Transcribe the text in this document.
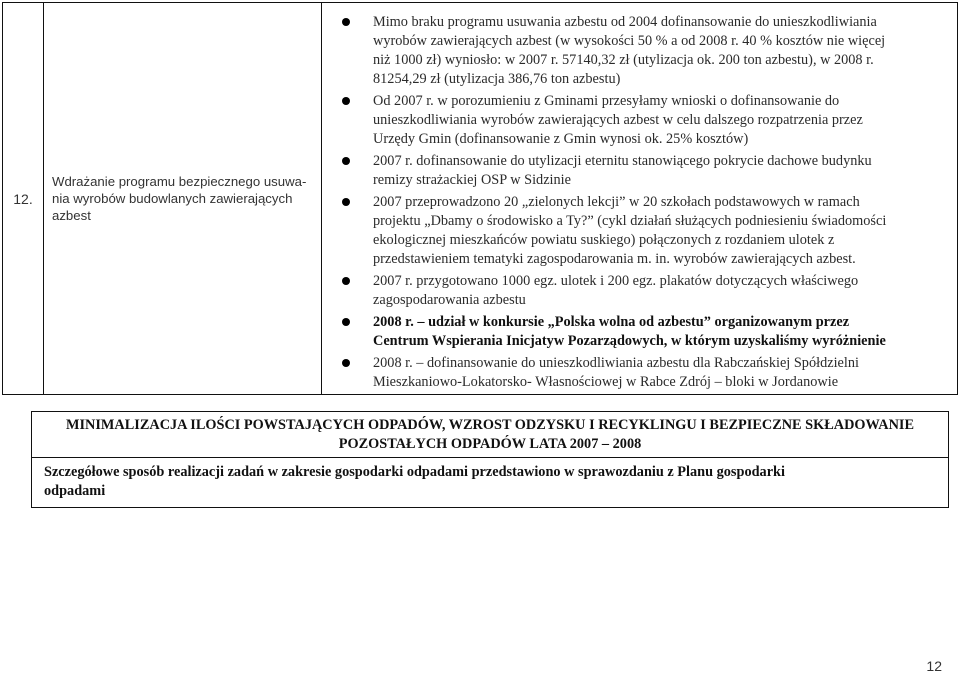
12.
Wdrażanie programu bezpiecznego usuwa-
nia wyrobów budowlanych zawierających
azbest
Mimo braku programu usuwania azbestu od 2004 dofinansowanie do unieszkodliwiania
wyrobów zawierających azbest (w wysokości 50 % a od 2008 r. 40 % kosztów nie więcej
niż 1000 zł) wyniosło: w 2007 r. 57140,32 zł (utylizacja ok. 200 ton azbestu), w 2008 r.
81254,29 zł (utylizacja 386,76 ton azbestu)
Od 2007 r. w porozumieniu z Gminami przesyłamy wnioski o dofinansowanie do
unieszkodliwiania wyrobów zawierających azbest w celu dalszego rozpatrzenia przez
Urzędy Gmin (dofinansowanie z Gmin wynosi ok. 25% kosztów)
2007 r. dofinansowanie do utylizacji eternitu stanowiącego pokrycie dachowe budynku
remizy strażackiej OSP w Sidzinie
2007 przeprowadzono 20 „zielonych lekcji” w 20 szkołach podstawowych w ramach
projektu „Dbamy o środowisko a Ty?” (cykl działań służących podniesieniu świadomości
ekologicznej mieszkańców powiatu suskiego) połączonych z rozdaniem ulotek z
przedstawieniem tematyki zagospodarowania m. in. wyrobów zawierających azbest.
2007 r. przygotowano 1000 egz. ulotek i 200 egz. plakatów dotyczących właściwego
zagospodarowania azbestu
2008 r. – udział w konkursie „Polska wolna od azbestu” organizowanym przez
Centrum Wspierania Inicjatyw Pozarządowych, w którym uzyskaliśmy wyróżnienie
2008 r. – dofinansowanie do unieszkodliwiania azbestu dla Rabczańskiej Spółdzielni
Mieszkaniowo-Lokatorsko- Własnościowej w Rabce Zdrój – bloki w Jordanowie
MINIMALIZACJA ILOŚCI POWSTAJĄCYCH ODPADÓW, WZROST ODZYSKU I RECYKLINGU I BEZPIECZNE SKŁADOWANIE
POZOSTAŁYCH ODPADÓW LATA 2007 – 2008
Szczegółowe sposób realizacji zadań w zakresie gospodarki odpadami przedstawiono w sprawozdaniu z Planu gospodarki
odpadami
12
